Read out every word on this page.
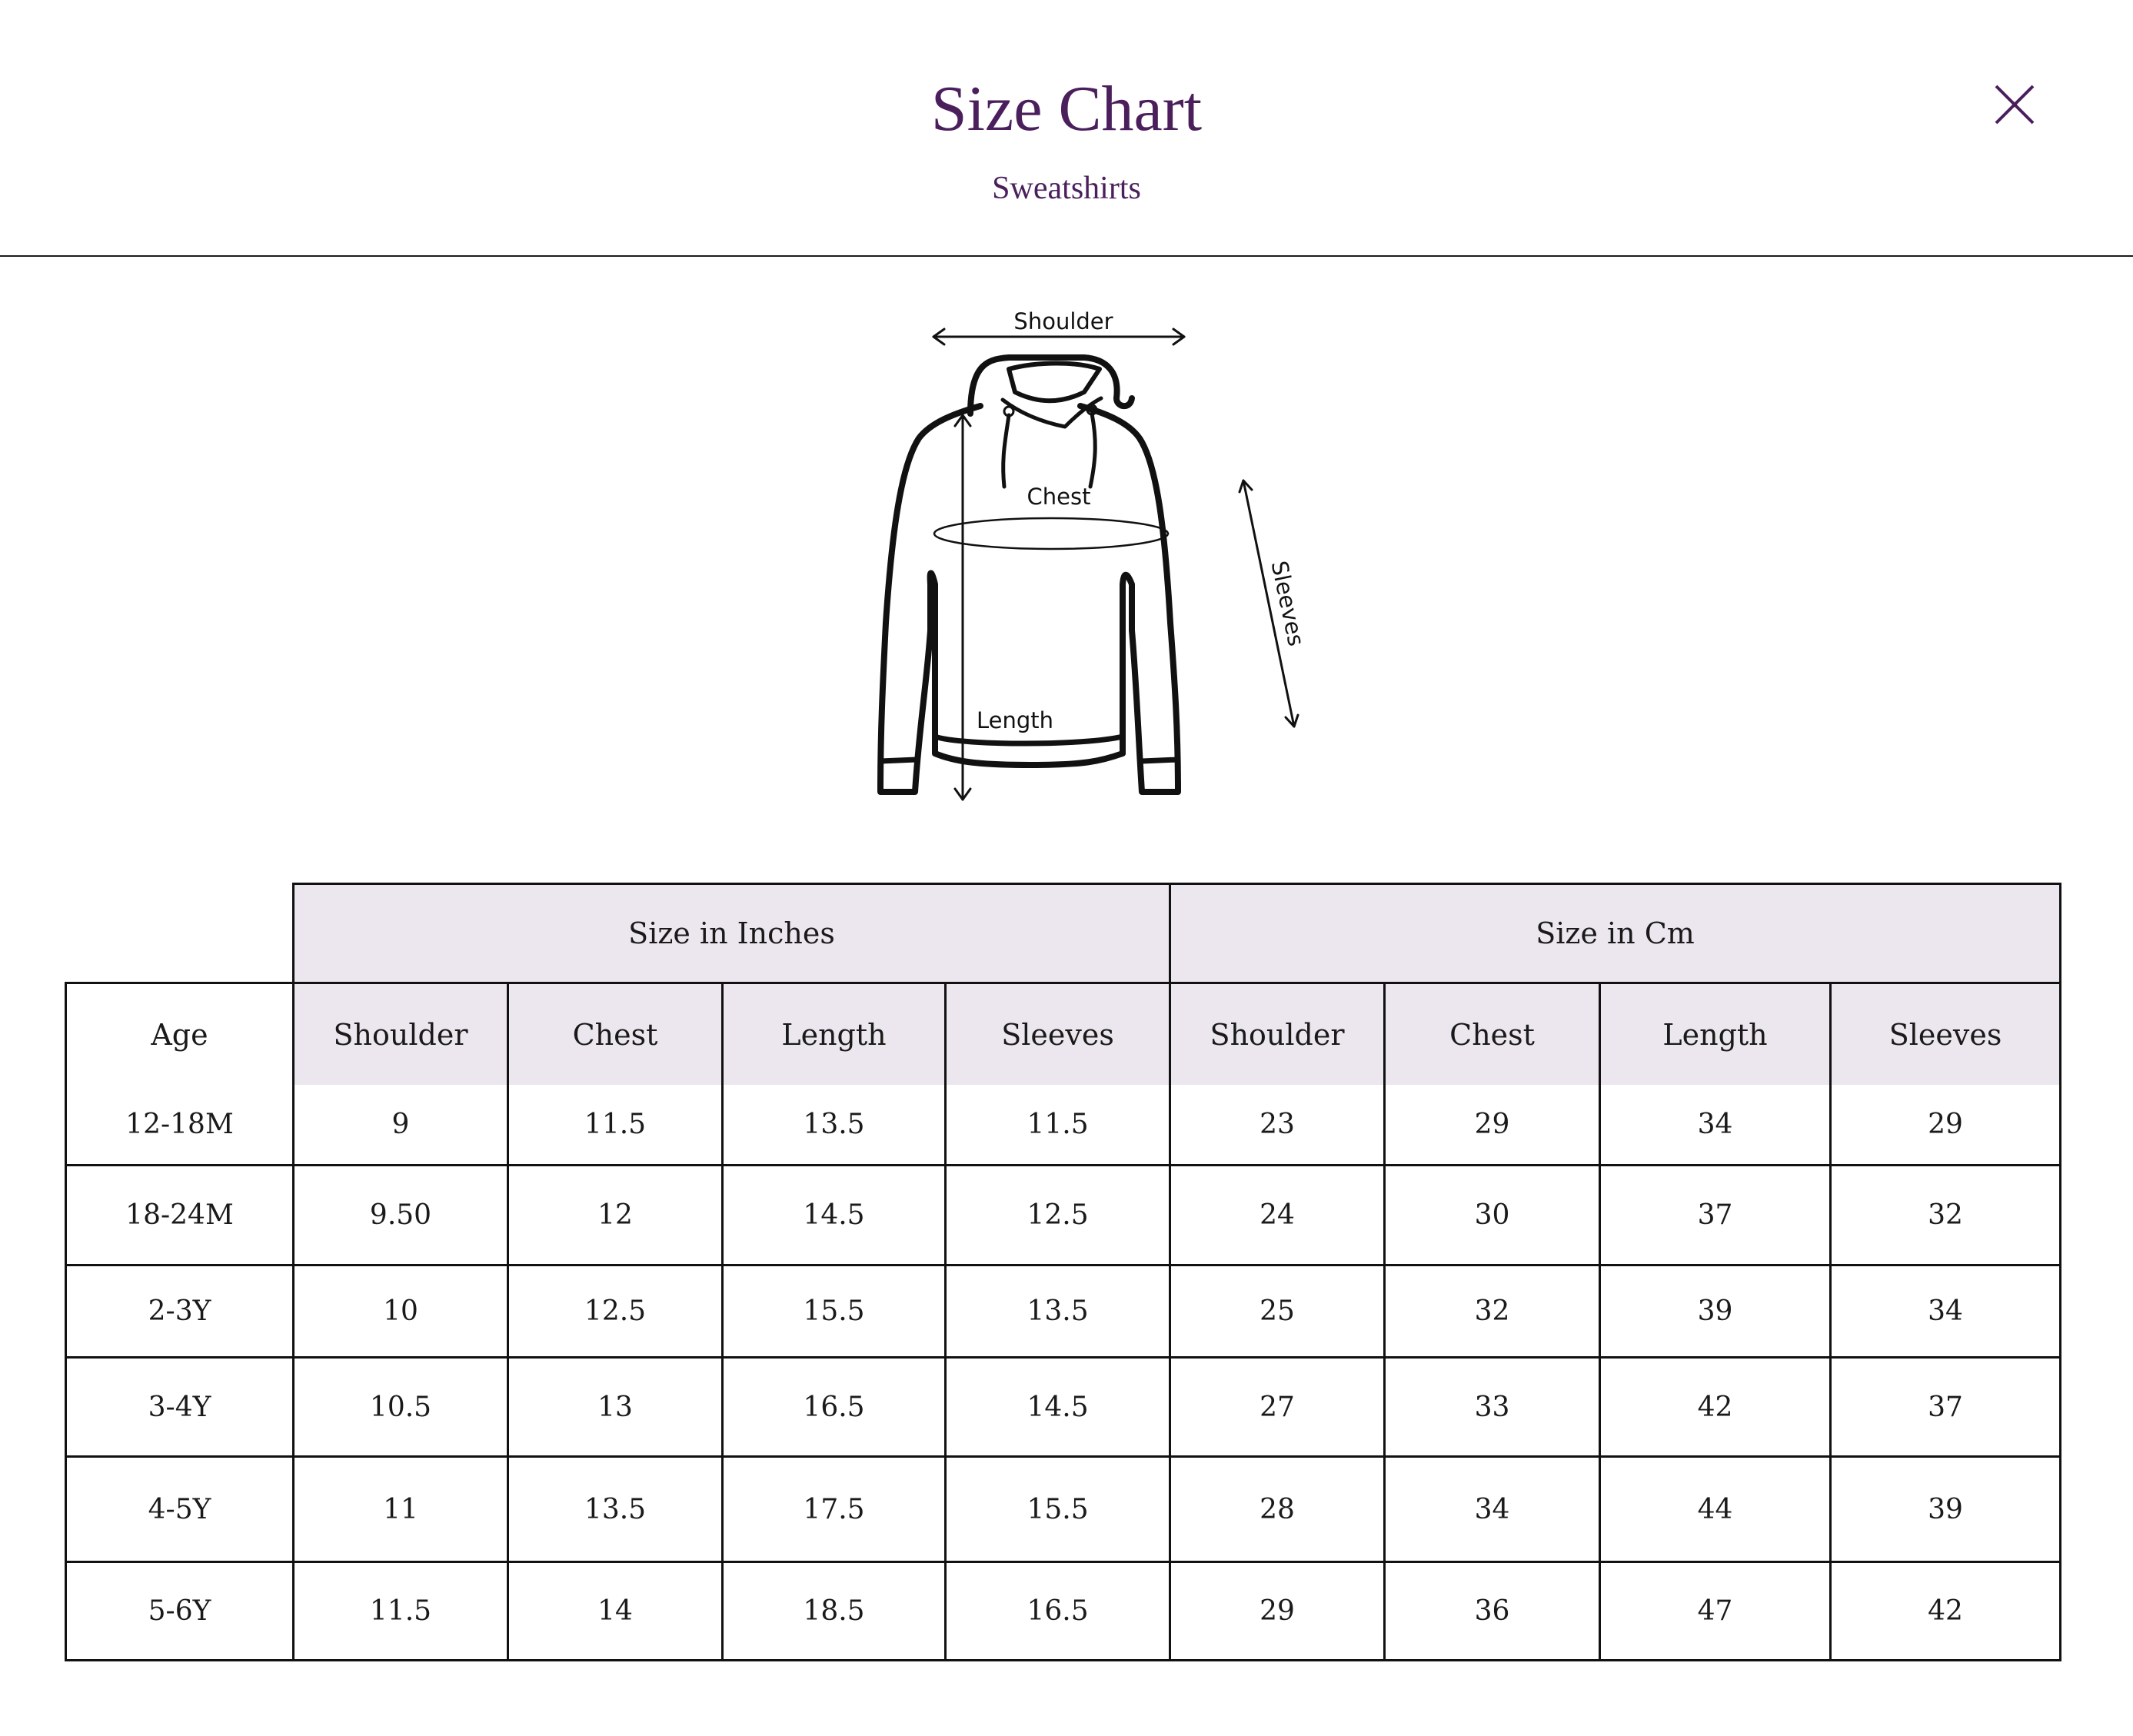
Size Chart
Sweatshirts
Shoulder
Chest
Length
Sleeves
	Size in Inches				Size in Cm			
Age	Shoulder	Chest	Length	Sleeves	Shoulder	Chest	Length	Sleeves
12-18M	9	11.5	13.5	11.5	23	29	34	29
18-24M	9.50	12	14.5	12.5	24	30	37	32
2-3Y	10	12.5	15.5	13.5	25	32	39	34
3-4Y	10.5	13	16.5	14.5	27	33	42	37
4-5Y	11	13.5	17.5	15.5	28	34	44	39
5-6Y	11.5	14	18.5	16.5	29	36	47	42
